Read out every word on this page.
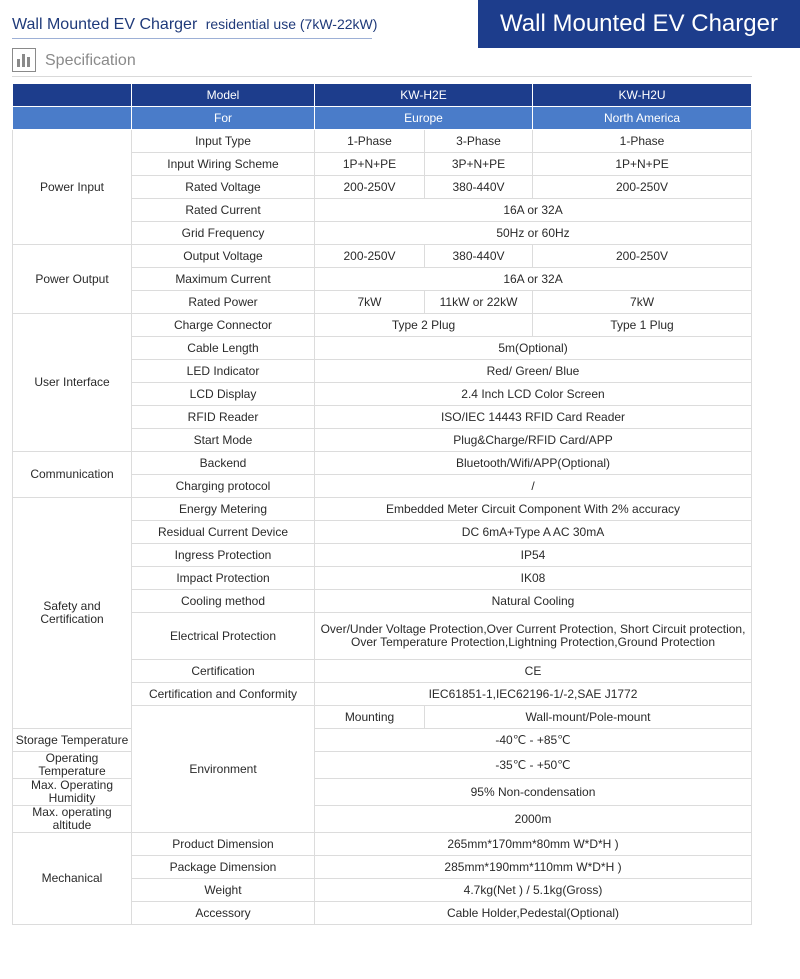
Wall Mounted EV Charger residential use (7kW-22kW)	Wall Mounted EV Charger
Specification
	Model	KW-H2E		KW-H2U
	For	Europe		North America
Power Input	Input Type	1-Phase	3-Phase	1-Phase
	Input Wiring Scheme	1P+N+PE	3P+N+PE	1P+N+PE
	Rated Voltage	200-250V	380-440V	200-250V
	Rated Current	16A or 32A		
	Grid Frequency	50Hz or 60Hz		
Power Output	Output Voltage	200-250V	380-440V	200-250V
	Maximum Current	16A or 32A		
	Rated Power	7kW	11kW or 22kW	7kW
User Interface	Charge Connector	Type 2 Plug		Type 1 Plug
	Cable Length	5m(Optional)		
	LED Indicator	Red/ Green/ Blue		
	LCD Display	2.4 Inch LCD Color Screen		
	RFID Reader	ISO/IEC 14443 RFID Card Reader		
	Start Mode	Plug&Charge/RFID Card/APP		
Communication	Backend	Bluetooth/Wifi/APP(Optional)		
	Charging protocol	/		
Safety and Certification	Energy Metering	Embedded Meter Circuit Component With 2% accuracy		
	Residual Current Device	DC 6mA+Type A AC 30mA		
	Ingress Protection	IP54		
	Impact Protection	IK08		
	Cooling method	Natural Cooling		
	Electrical Protection	Over/Under Voltage Protection,Over Current Protection, Short Circuit protection,
Over Temperature Protection,Lightning Protection,Ground Protection		

	Certification	CE		
	Certification and Conformity	IEC61851-1,IEC62196-1/-2,SAE J1772		
	Environment	Mounting	Wall-mount/Pole-mount	
Storage Temperature		-40℃ - +85℃		
Operating Temperature		-35℃ - +50℃		
Max. Operating Humidity		95% Non-condensation		
Max. operating altitude		2000m		
Mechanical	Product Dimension	265mm*170mm*80mm W*D*H )		
	Package Dimension	285mm*190mm*110mm W*D*H )		
	Weight	4.7kg(Net ) / 5.1kg(Gross)		
	Accessory	Cable Holder,Pedestal(Optional)		
